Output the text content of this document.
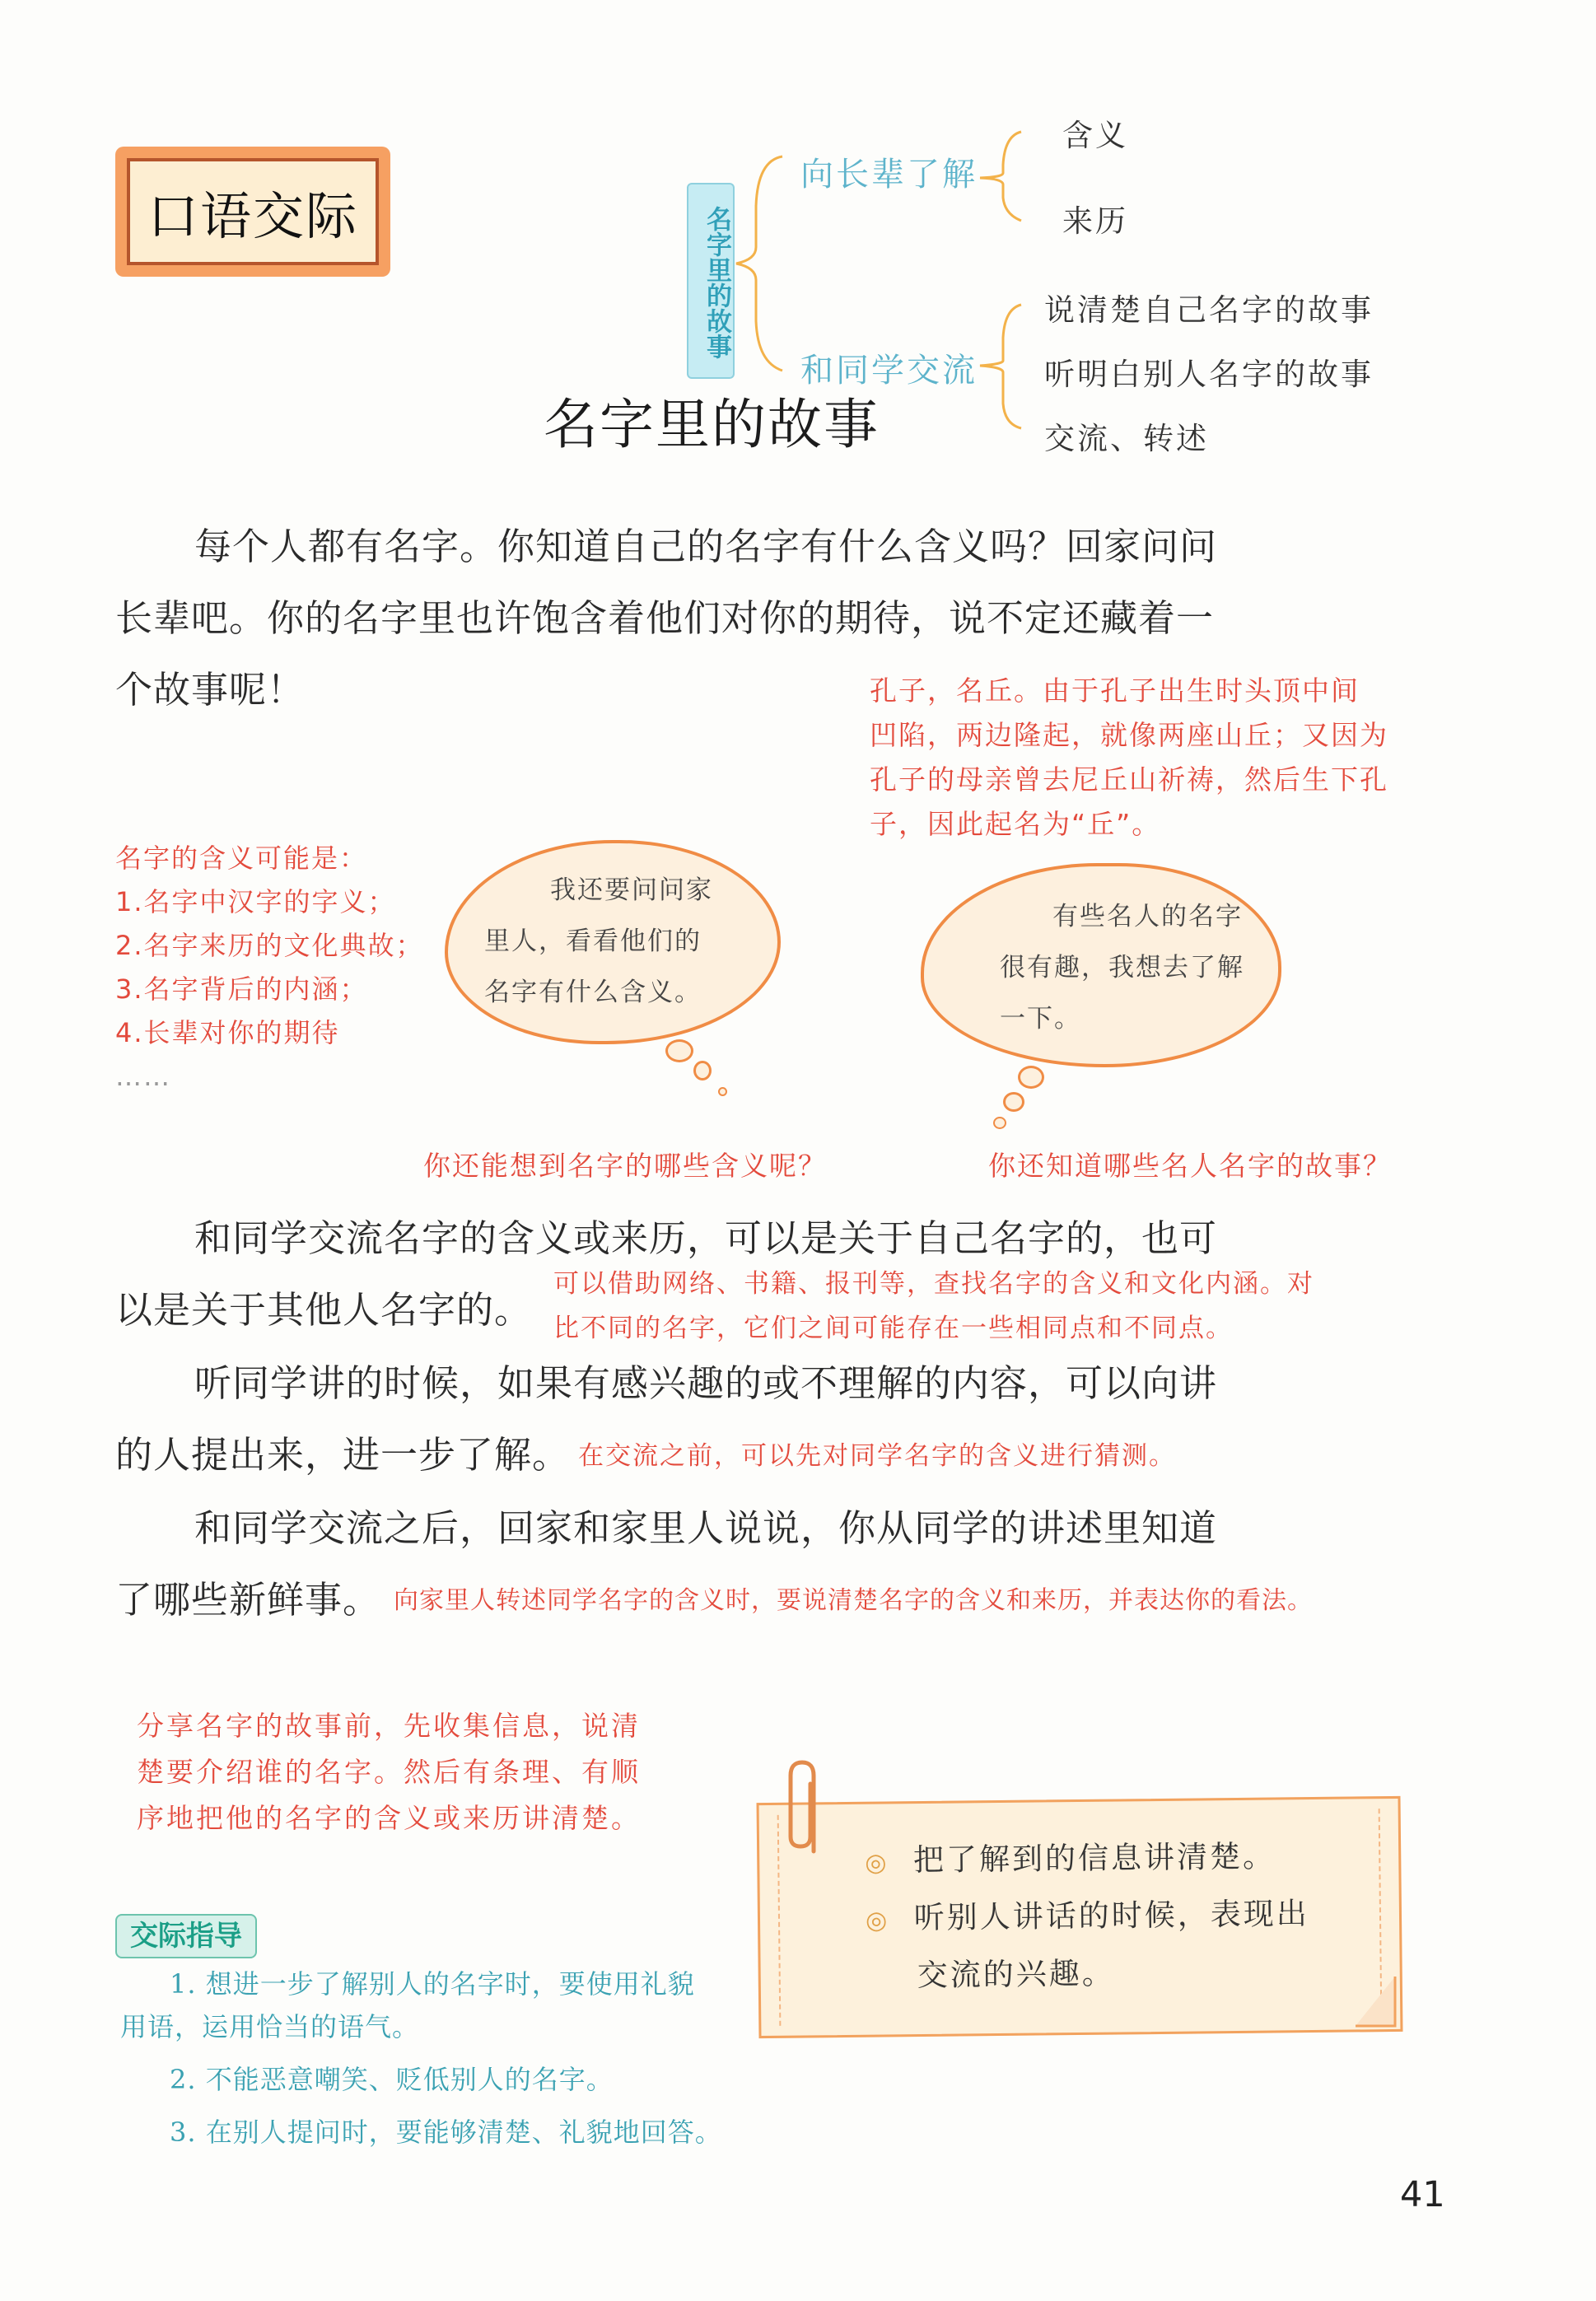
口语交际	名字里的故事
向长辈了解
和同学交流
含义
来历
说清楚自己名字的故事
听明白别人名字的故事
交流、转述
名字里的故事
每个人都有名字。你知道自己的名字有什么含义吗？回家问问
长辈吧。你的名字里也许饱含着他们对你的期待，说不定还藏着一
个故事呢！	孔子，名丘。由于孔子出生时头顶中间
凹陷，两边隆起，就像两座山丘；又因为
孔子的母亲曾去尼丘山祈祷，然后生下孔
子，因此起名为“丘”。
名字的含义可能是：
1.名字中汉字的字义；
2.名字来历的文化典故；
3.名字背后的内涵；
4.长辈对你的期待
……
我还要问问家
里人，看看他们的
名字有什么含义。
有些名人的名字
很有趣，我想去了解
一下。
你还能想到名字的哪些含义呢？	你还知道哪些名人名字的故事？
和同学交流名字的含义或来历，可以是关于自己名字的，也可
以是关于其他人名字的。
可以借助网络、书籍、报刊等，查找名字的含义和文化内涵。对
比不同的名字，它们之间可能存在一些相同点和不同点。
听同学讲的时候，如果有感兴趣的或不理解的内容，可以向讲
的人提出来，进一步了解。 在交流之前，可以先对同学名字的含义进行猜测。
和同学交流之后，回家和家里人说说，你从同学的讲述里知道
了哪些新鲜事。 向家里人转述同学名字的含义时，要说清楚名字的含义和来历，并表达你的看法。
分享名字的故事前，先收集信息，说清
楚要介绍谁的名字。然后有条理、有顺
序地把他的名字的含义或来历讲清楚。
◎ 把了解到的信息讲清楚。
◎ 听别人讲话的时候，表现出
交流的兴趣。
交际指导
1. 想进一步了解别人的名字时，要使用礼貌
用语，运用恰当的语气。
2. 不能恶意嘲笑、贬低别人的名字。
3. 在别人提问时，要能够清楚、礼貌地回答。
41
